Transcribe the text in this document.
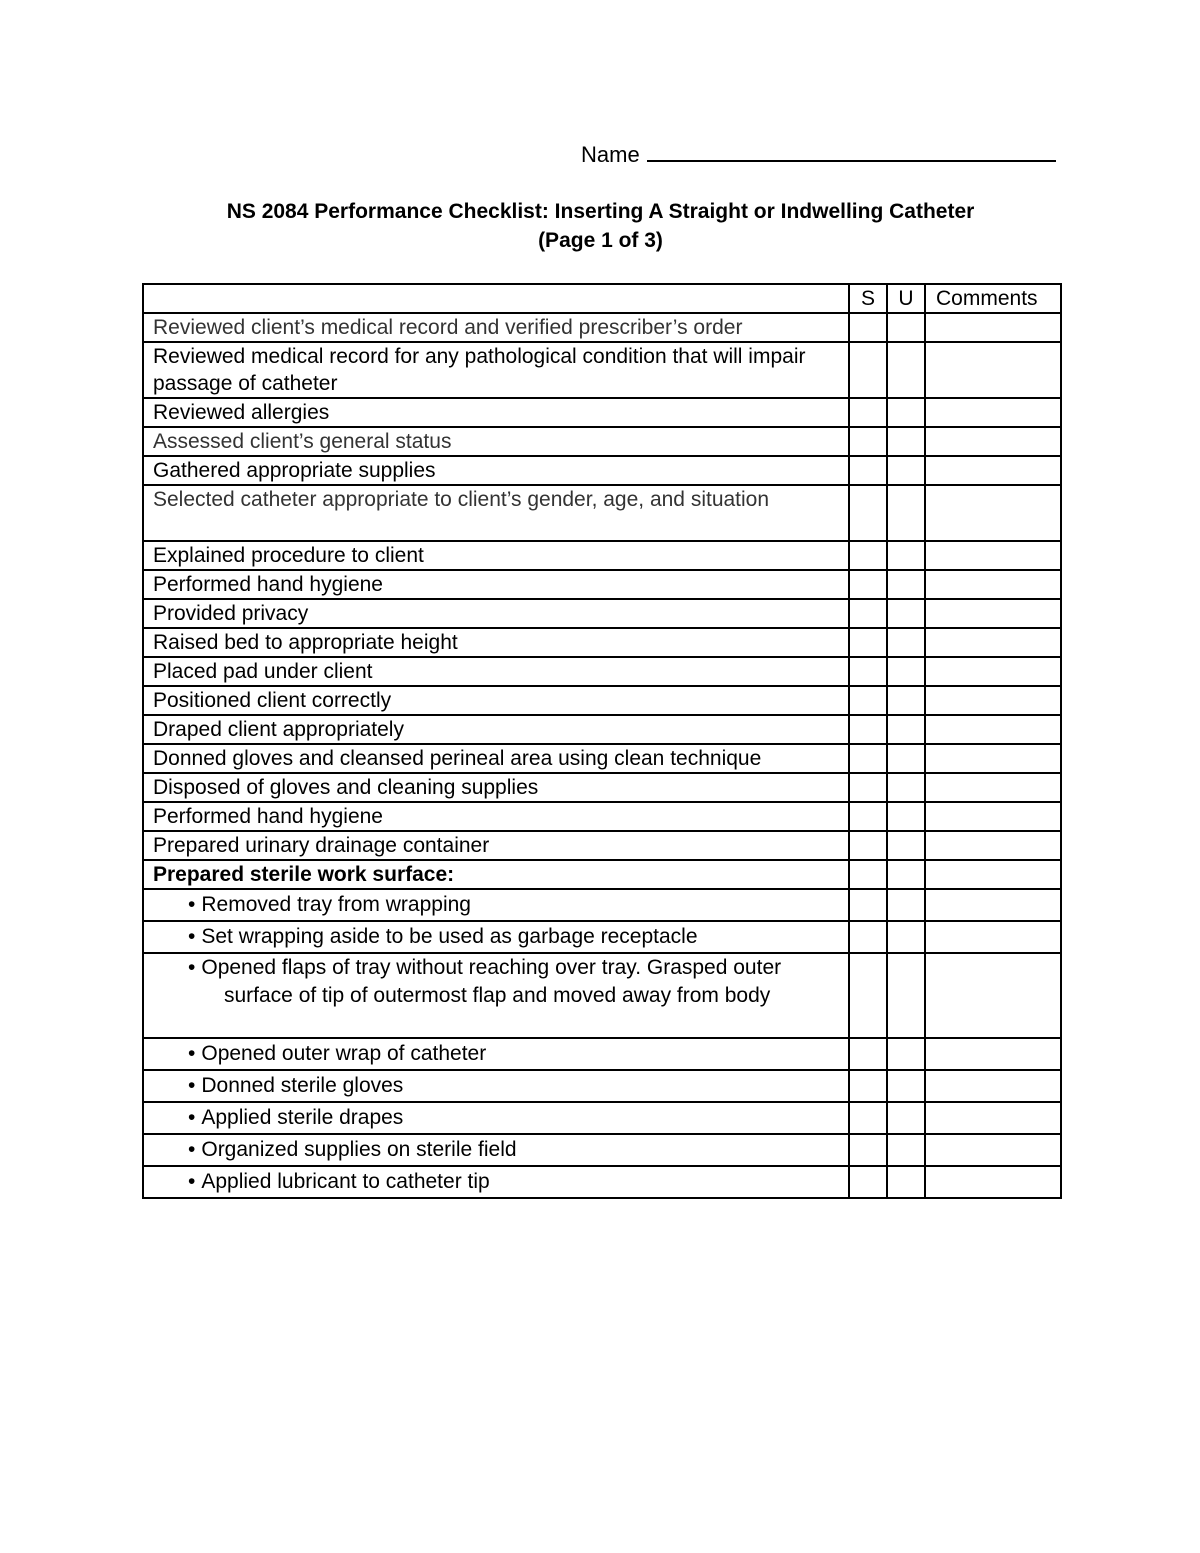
Name
NS 2084 Performance Checklist: Inserting A Straight or Indwelling Catheter
(Page 1 of 3)
	S	U	Comments
Reviewed client’s medical record and verified prescriber’s order			
Reviewed medical record for any pathological condition that will impair passage of catheter			
Reviewed allergies			
Assessed client’s general status			
Gathered appropriate supplies			
Selected catheter appropriate to client’s gender, age, and situation			
Explained procedure to client			
Performed hand hygiene			
Provided privacy			
Raised bed to appropriate height			
Placed pad under client			
Positioned client correctly			
Draped client appropriately			
Donned gloves and cleansed perineal area using clean technique			
Disposed of gloves and cleaning supplies			
Performed hand hygiene			
Prepared urinary drainage container			
Prepared sterile work surface:			

• Removed tray from wrapping			

• Set wrapping aside to be used as garbage receptacle			

• Opened flaps of tray without reaching over tray. Grasped outer surface of tip of outermost flap and moved away from body			

• Opened outer wrap of catheter			

• Donned sterile gloves			

• Applied sterile drapes			

• Organized supplies on sterile field			

• Applied lubricant to catheter tip			
